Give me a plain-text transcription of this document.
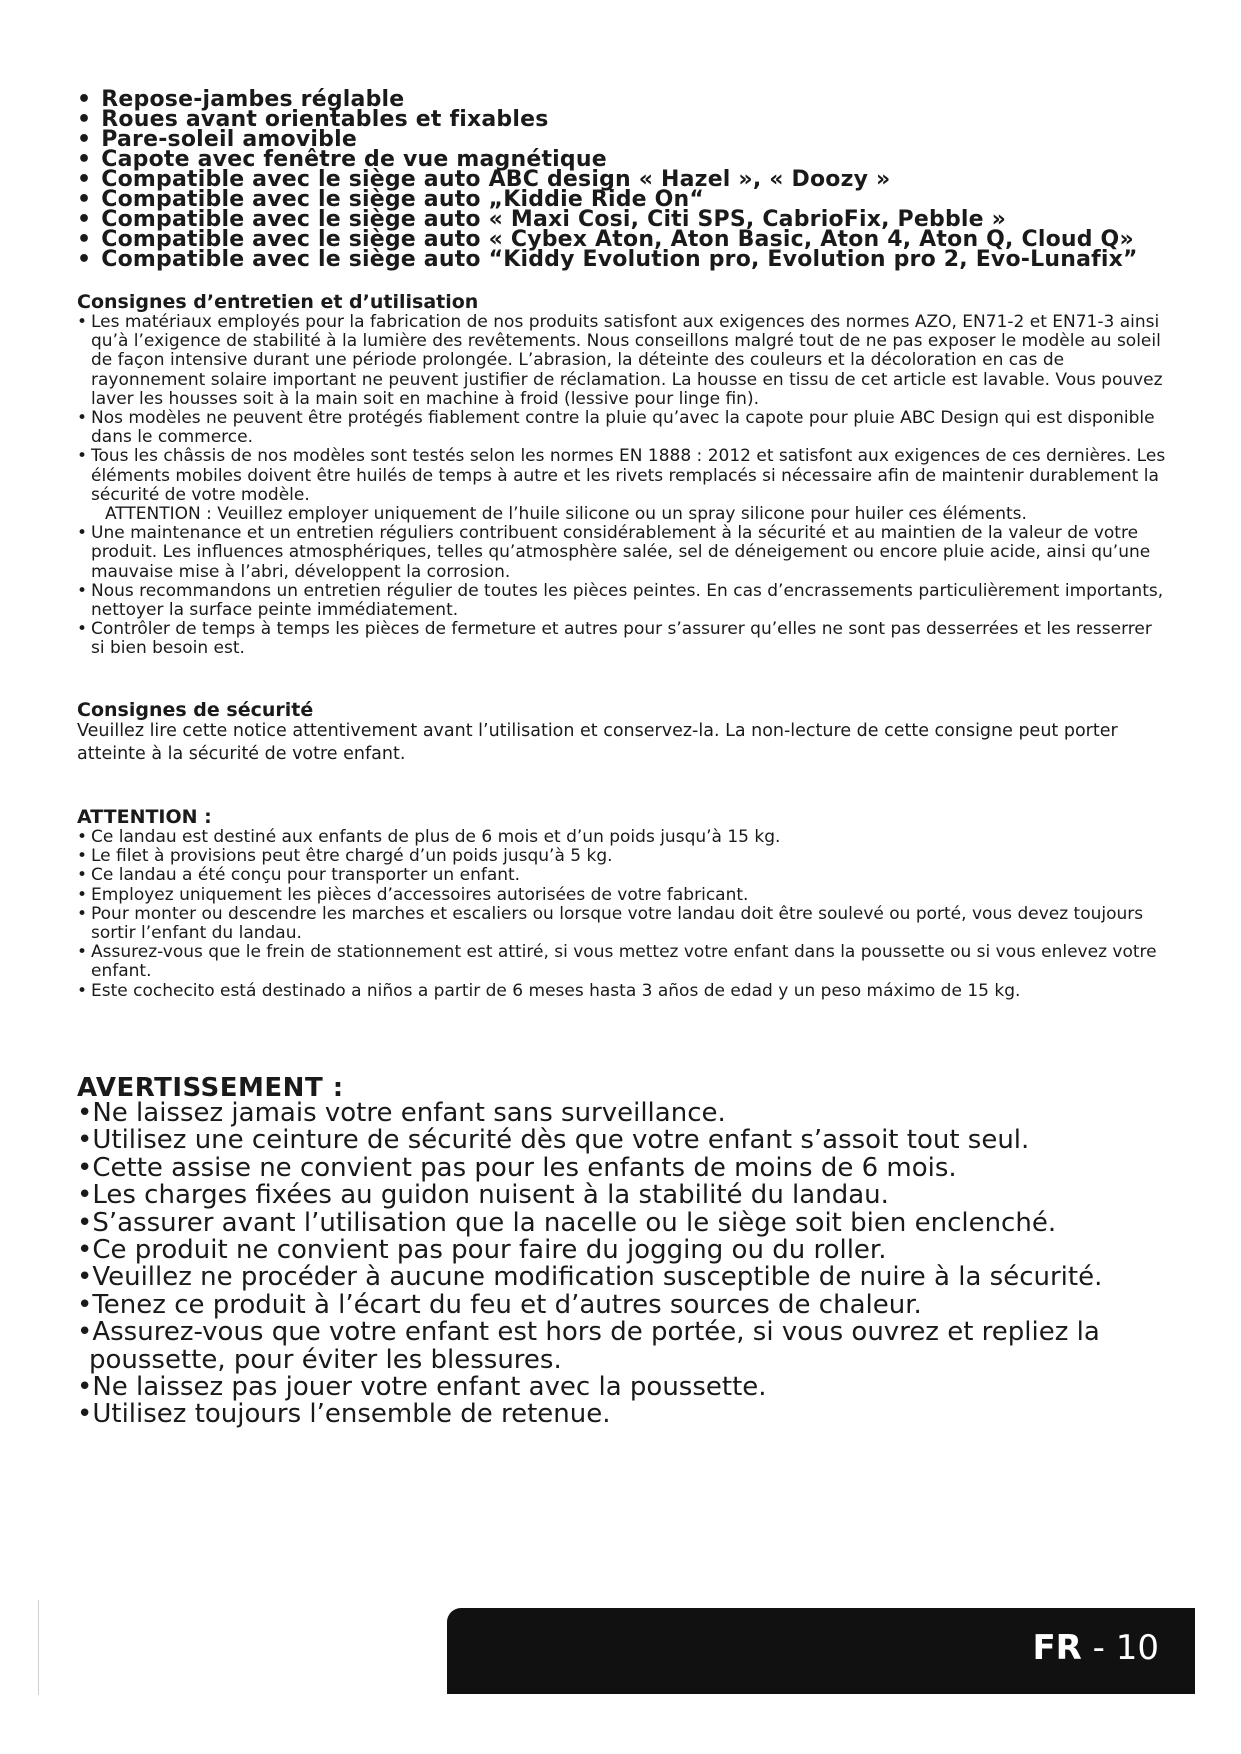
• Repose-jambes réglable
• Roues avant orientables et fixables
• Pare-soleil amovible
• Capote avec fenêtre de vue magnétique
• Compatible avec le siège auto ABC design « Hazel », « Doozy »
• Compatible avec le siège auto „Kiddie Ride On“
• Compatible avec le siège auto « Maxi Cosi, Citi SPS, CabrioFix, Pebble »
• Compatible avec le siège auto « Cybex Aton, Aton Basic, Aton 4, Aton Q, Cloud Q»
• Compatible avec le siège auto “Kiddy Evolution pro, Evolution pro 2, Evo-Lunafix”
Consignes d’entretien et d’utilisation
• Les matériaux employés pour la fabrication de nos produits satisfont aux exigences des normes AZO, EN71-2 et EN71-3 ainsi qu’à l’exigence de stabilité à la lumière des revêtements. Nous conseillons malgré tout de ne pas exposer le modèle au soleil de façon intensive durant une période prolongée. L’abrasion, la déteinte des couleurs et la décoloration en cas de rayonnement solaire important ne peuvent justifier de réclamation. La housse en tissu de cet article est lavable. Vous pouvez laver les housses soit à la main soit en machine à froid (lessive pour linge fin).
• Nos modèles ne peuvent être protégés fiablement contre la pluie qu’avec la capote pour pluie ABC Design qui est disponible dans le commerce.
• Tous les châssis de nos modèles sont testés selon les normes EN 1888 : 2012 et satisfont aux exigences de ces dernières. Les éléments mobiles doivent être huilés de temps à autre et les rivets remplacés si nécessaire afin de maintenir durablement la sécurité de votre modèle.
ATTENTION : Veuillez employer uniquement de l’huile silicone ou un spray silicone pour huiler ces éléments.
• Une maintenance et un entretien réguliers contribuent considérablement à la sécurité et au maintien de la valeur de votre produit. Les influences atmosphériques, telles qu’atmosphère salée, sel de déneigement ou encore pluie acide, ainsi qu’une mauvaise mise à l’abri, développent la corrosion.
• Nous recommandons un entretien régulier de toutes les pièces peintes. En cas d’encrassements particulièrement importants, nettoyer la surface peinte immédiatement.
• Contrôler de temps à temps les pièces de fermeture et autres pour s’assurer qu’elles ne sont pas desserrées et les resserrer si bien besoin est.
Consignes de sécurité

Veuillez lire cette notice attentivement avant l’utilisation et conservez-la. La non-lecture de cette consigne peut porter atteinte à la sécurité de votre enfant.

ATTENTION :
• Ce landau est destiné aux enfants de plus de 6 mois et d’un poids jusqu’à 15 kg.
• Le filet à provisions peut être chargé d’un poids jusqu’à 5 kg.
• Ce landau a été conçu pour transporter un enfant.
• Employez uniquement les pièces d’accessoires autorisées de votre fabricant.
• Pour monter ou descendre les marches et escaliers ou lorsque votre landau doit être soulevé ou porté, vous devez toujours sortir l’enfant du landau.
• Assurez-vous que le frein de stationnement est attiré, si vous mettez votre enfant dans la poussette ou si vous enlevez votre enfant.
• Este cochecito está destinado a niños a partir de 6 meses hasta 3 años de edad y un peso máximo de 15 kg.
AVERTISSEMENT :
• Ne laissez jamais votre enfant sans surveillance.
• Utilisez une ceinture de sécurité dès que votre enfant s’assoit tout seul.
• Cette assise ne convient pas pour les enfants de moins de 6 mois.
• Les charges fixées au guidon nuisent à la stabilité du landau.
• S’assurer avant l’utilisation que la nacelle ou le siège soit bien enclenché.
• Ce produit ne convient pas pour faire du jogging ou du roller.
• Veuillez ne procéder à aucune modification susceptible de nuire à la sécurité.
• Tenez ce produit à l’écart du feu et d’autres sources de chaleur.
• Assurez-vous que votre enfant est hors de portée, si vous ouvrez et repliez la poussette, pour éviter les blessures.
• Ne laissez pas jouer votre enfant avec la poussette.
• Utilisez toujours l’ensemble de retenue.
FR - 10
